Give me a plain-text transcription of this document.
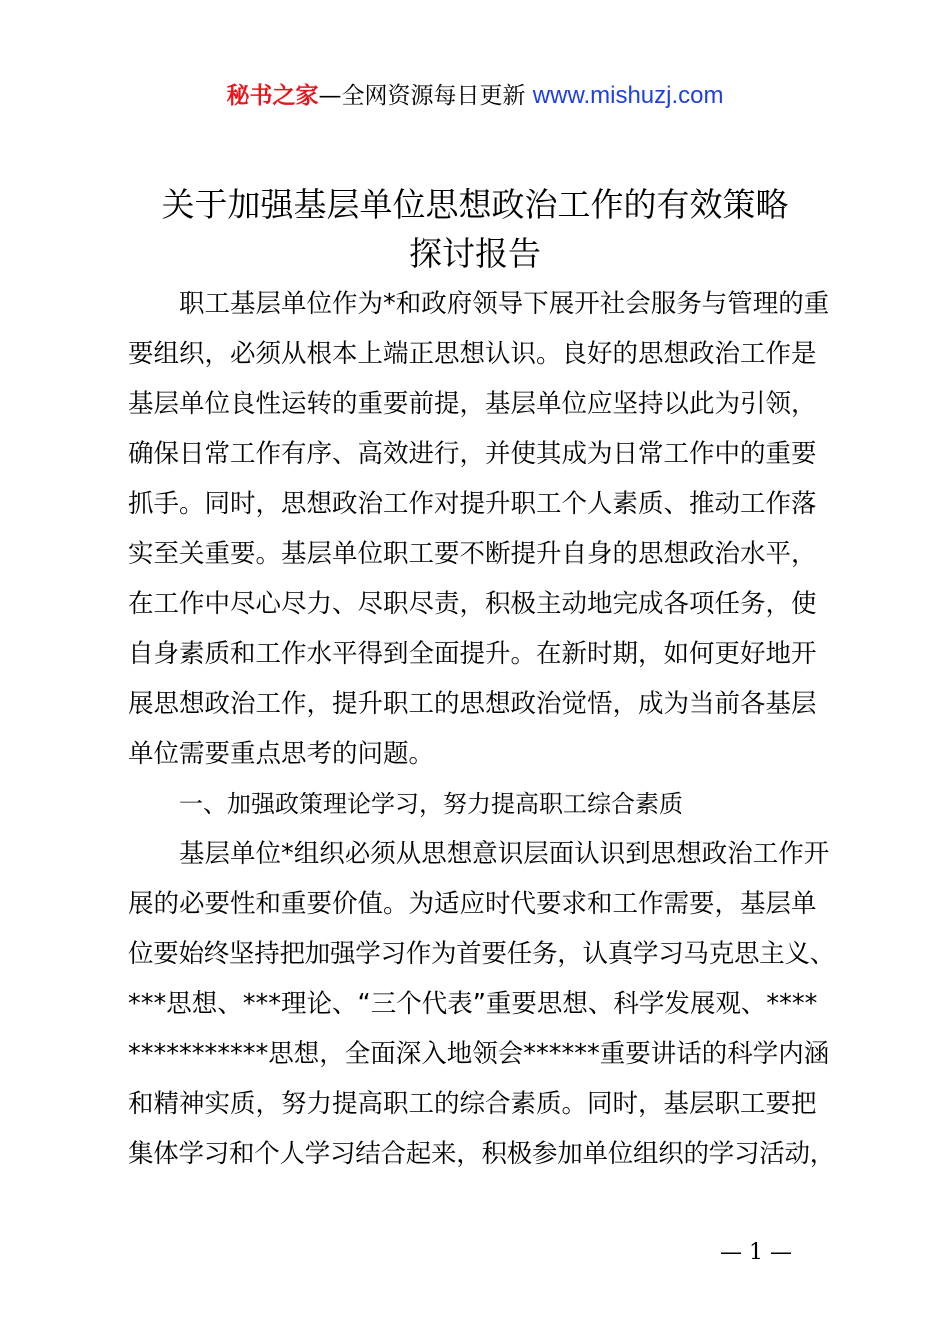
秘书之家—全网资源每日更新 www.mishuzj.com
关于加强基层单位思想政治工作的有效策略
探讨报告
职工基层单位作为*和政府领导下展开社会服务与管理的重
要组织，必须从根本上端正思想认识。良好的思想政治工作是
基层单位良性运转的重要前提，基层单位应坚持以此为引领，
确保日常工作有序、高效进行，并使其成为日常工作中的重要
抓手。同时，思想政治工作对提升职工个人素质、推动工作落
实至关重要。基层单位职工要不断提升自身的思想政治水平，
在工作中尽心尽力、尽职尽责，积极主动地完成各项任务，使
自身素质和工作水平得到全面提升。在新时期，如何更好地开
展思想政治工作，提升职工的思想政治觉悟，成为当前各基层
单位需要重点思考的问题。
一、加强政策理论学习，努力提高职工综合素质
基层单位*组织必须从思想意识层面认识到思想政治工作开
展的必要性和重要价值。为适应时代要求和工作需要，基层单
位要始终坚持把加强学习作为首要任务，认真学习马克思主义、
***思想、***理论、“三个代表”重要思想、科学发展观、****
***********思想，全面深入地领会******重要讲话的科学内涵
和精神实质，努力提高职工的综合素质。同时，基层职工要把
集体学习和个人学习结合起来，积极参加单位组织的学习活动，
— 1 —
